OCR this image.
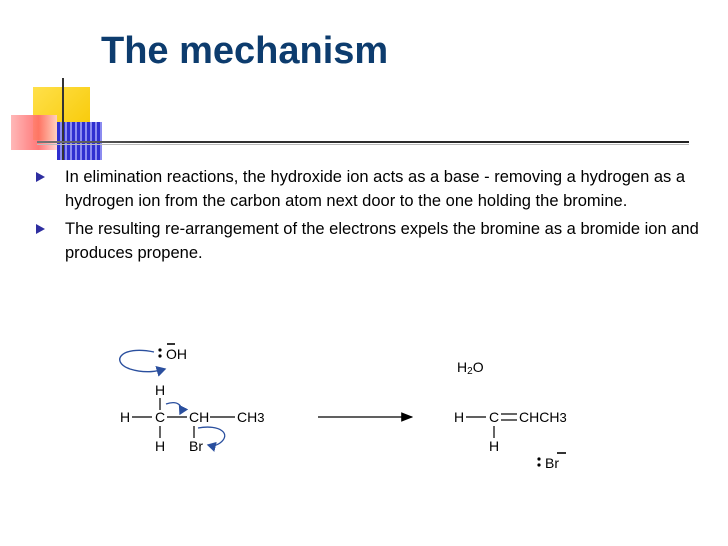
The mechanism
In elimination reactions, the hydroxide ion acts as a base - removing a hydrogen as a hydrogen ion from the carbon atom next door to the one holding the bromine.
The resulting re-arrangement of the electrons expels the bromine as a bromide ion and produces propene.
OH
H
H C CH CH3
H Br
H2O
H C CHCH3
H
Br
